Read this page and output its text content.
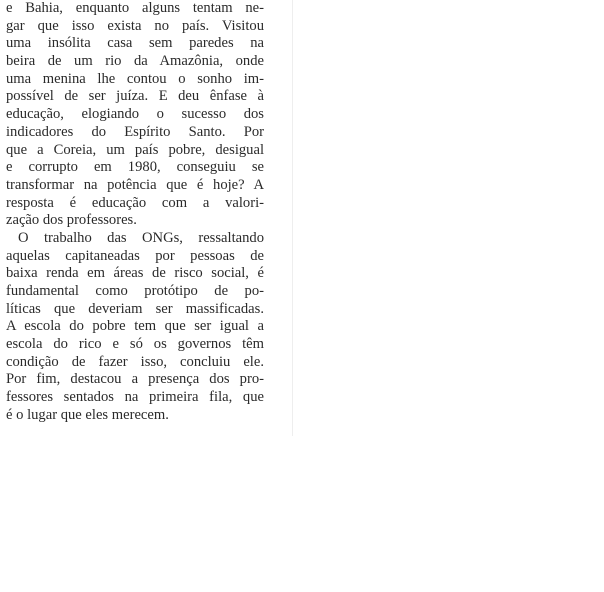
e Bahia, enquanto alguns tentam ne-
gar que isso exista no país. Visitou
uma insólita casa sem paredes na
beira de um rio da Amazônia, onde
uma menina lhe contou o sonho im-
possível de ser juíza. E deu ênfase à
educação, elogiando o sucesso dos
indicadores do Espírito Santo. Por
que a Coreia, um país pobre, desigual
e corrupto em 1980, conseguiu se
transformar na potência que é hoje? A
resposta é educação com a valori-
zação dos professores.
O trabalho das ONGs, ressaltando
aquelas capitaneadas por pessoas de
baixa renda em áreas de risco social, é
fundamental como protótipo de po-
líticas que deveriam ser massificadas.
A escola do pobre tem que ser igual a
escola do rico e só os governos têm
condição de fazer isso, concluiu ele.
Por fim, destacou a presença dos pro-
fessores sentados na primeira fila, que
é o lugar que eles merecem.
